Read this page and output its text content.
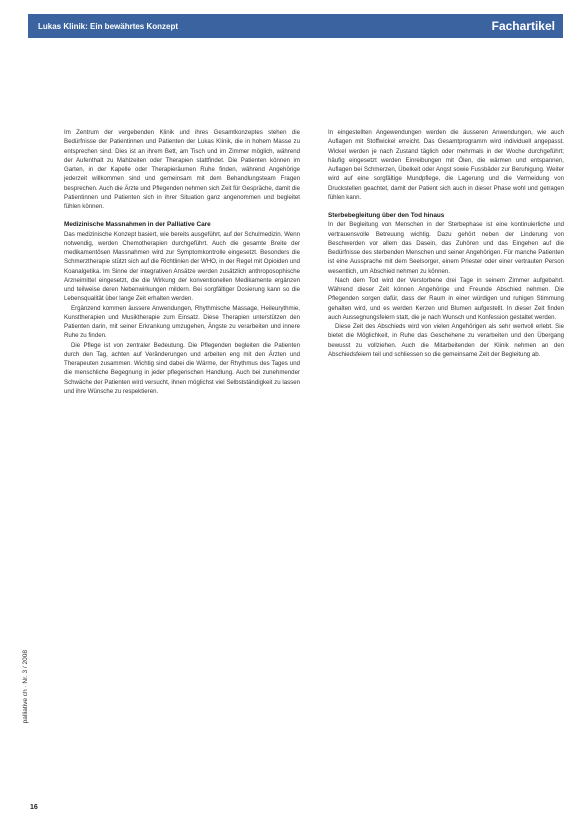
Lukas Klinik: Ein bewährtes Konzept	Fachartikel

Im Zentrum der vergebenden Klinik und ihres Gesamtkonzeptes stehen die Bedürfnisse der Patientinnen und Patienten der Lukas Klinik, die in hohem Masse zu entsprechen sind. Dies ist an ihrem Bett, am Tisch und im Zimmer möglich, während der Aufenthalt zu Mahlzeiten oder Therapien stattfindet. Die Patienten können im Garten, in der Kapelle oder Therapieräumen Ruhe finden, während Angehörige jederzeit willkommen sind und gemeinsam mit dem Behandlungsteam Fragen besprechen. Auch die Ärzte und Pflegenden nehmen sich Zeit für Gespräche, damit die Patientinnen und Patienten sich in ihrer Situation ganz angenommen und begleitet fühlen können.

Medizinische Massnahmen in der Palliative Care

Das medizinische Konzept basiert, wie bereits ausgeführt, auf der Schulmedizin. Wenn notwendig, werden Chemotherapien durchgeführt. Auch die gesamte Breite der medikamentösen Massnahmen wird zur Symptomkontrolle eingesetzt. Besonders die Schmerztherapie stützt sich auf die Richtlinien der WHO, in der Regel mit Opioiden und Koanalgetika. Im Sinne der integrativen Ansätze werden zusätzlich anthroposophische Arzneimittel eingesetzt, die die Wirkung der konventionellen Medikamente ergänzen und teilweise deren Nebenwirkungen mildern. Bei sorgfältiger Dosierung kann so die Lebensqualität über lange Zeit erhalten werden.

Ergänzend kommen äussere Anwendungen, Rhythmische Massage, Heileurythmie, Kunsttherapien und Musiktherapie zum Einsatz. Diese Therapien unterstützen den Patienten darin, mit seiner Erkrankung umzugehen, Ängste zu verarbeiten und innere Ruhe zu finden.

Die Pflege ist von zentraler Bedeutung. Die Pflegenden begleiten die Patienten durch den Tag, achten auf Veränderungen und arbeiten eng mit den Ärzten und Therapeuten zusammen. Wichtig sind dabei die Wärme, der Rhythmus des Tages und die menschliche Begegnung in jeder pflegerischen Handlung. Auch bei zunehmender Schwäche der Patienten wird versucht, ihnen möglichst viel Selbstständigkeit zu lassen und ihre Wünsche zu respektieren.

In eingestellten Angewendungen werden die äusseren Anwendungen, wie auch Auflagen mit Stoffwickel erreicht. Das Gesamtprogramm wird individuell angepasst. Wickel werden je nach Zustand täglich oder mehrmals in der Woche durchgeführt; häufig eingesetzt werden Einreibungen mit Ölen, die wärmen und entspannen, Auflagen bei Schmerzen, Übelkeit oder Angst sowie Fussbäder zur Beruhigung. Weiter wird auf eine sorgfältige Mundpflege, die Lagerung und die Vermeidung von Druckstellen geachtet, damit der Patient sich auch in dieser Phase wohl und getragen fühlen kann.

Sterbebegleitung über den Tod hinaus

In der Begleitung von Menschen in der Sterbephase ist eine kontinuierliche und vertrauensvolle Betreuung wichtig. Dazu gehört neben der Linderung von Beschwerden vor allem das Dasein, das Zuhören und das Eingehen auf die Bedürfnisse des sterbenden Menschen und seiner Angehörigen. Für manche Patienten ist eine Aussprache mit dem Seelsorger, einem Priester oder einer vertrauten Person wesentlich, um Abschied nehmen zu können.

Nach dem Tod wird der Verstorbene drei Tage in seinem Zimmer aufgebahrt. Während dieser Zeit können Angehörige und Freunde Abschied nehmen. Die Pflegenden sorgen dafür, dass der Raum in einer würdigen und ruhigen Stimmung gehalten wird, und es werden Kerzen und Blumen aufgestellt. In dieser Zeit finden auch Aussegnungsfeiern statt, die je nach Wunsch und Konfession gestaltet werden.

Diese Zeit des Abschieds wird von vielen Angehörigen als sehr wertvoll erlebt. Sie bietet die Möglichkeit, in Ruhe das Geschehene zu verarbeiten und den Übergang bewusst zu vollziehen. Auch die Mitarbeitenden der Klinik nehmen an den Abschiedsfeiern teil und schliessen so die gemeinsame Zeit der Begleitung ab.

palliative ch · Nr. 3 / 2008
16
